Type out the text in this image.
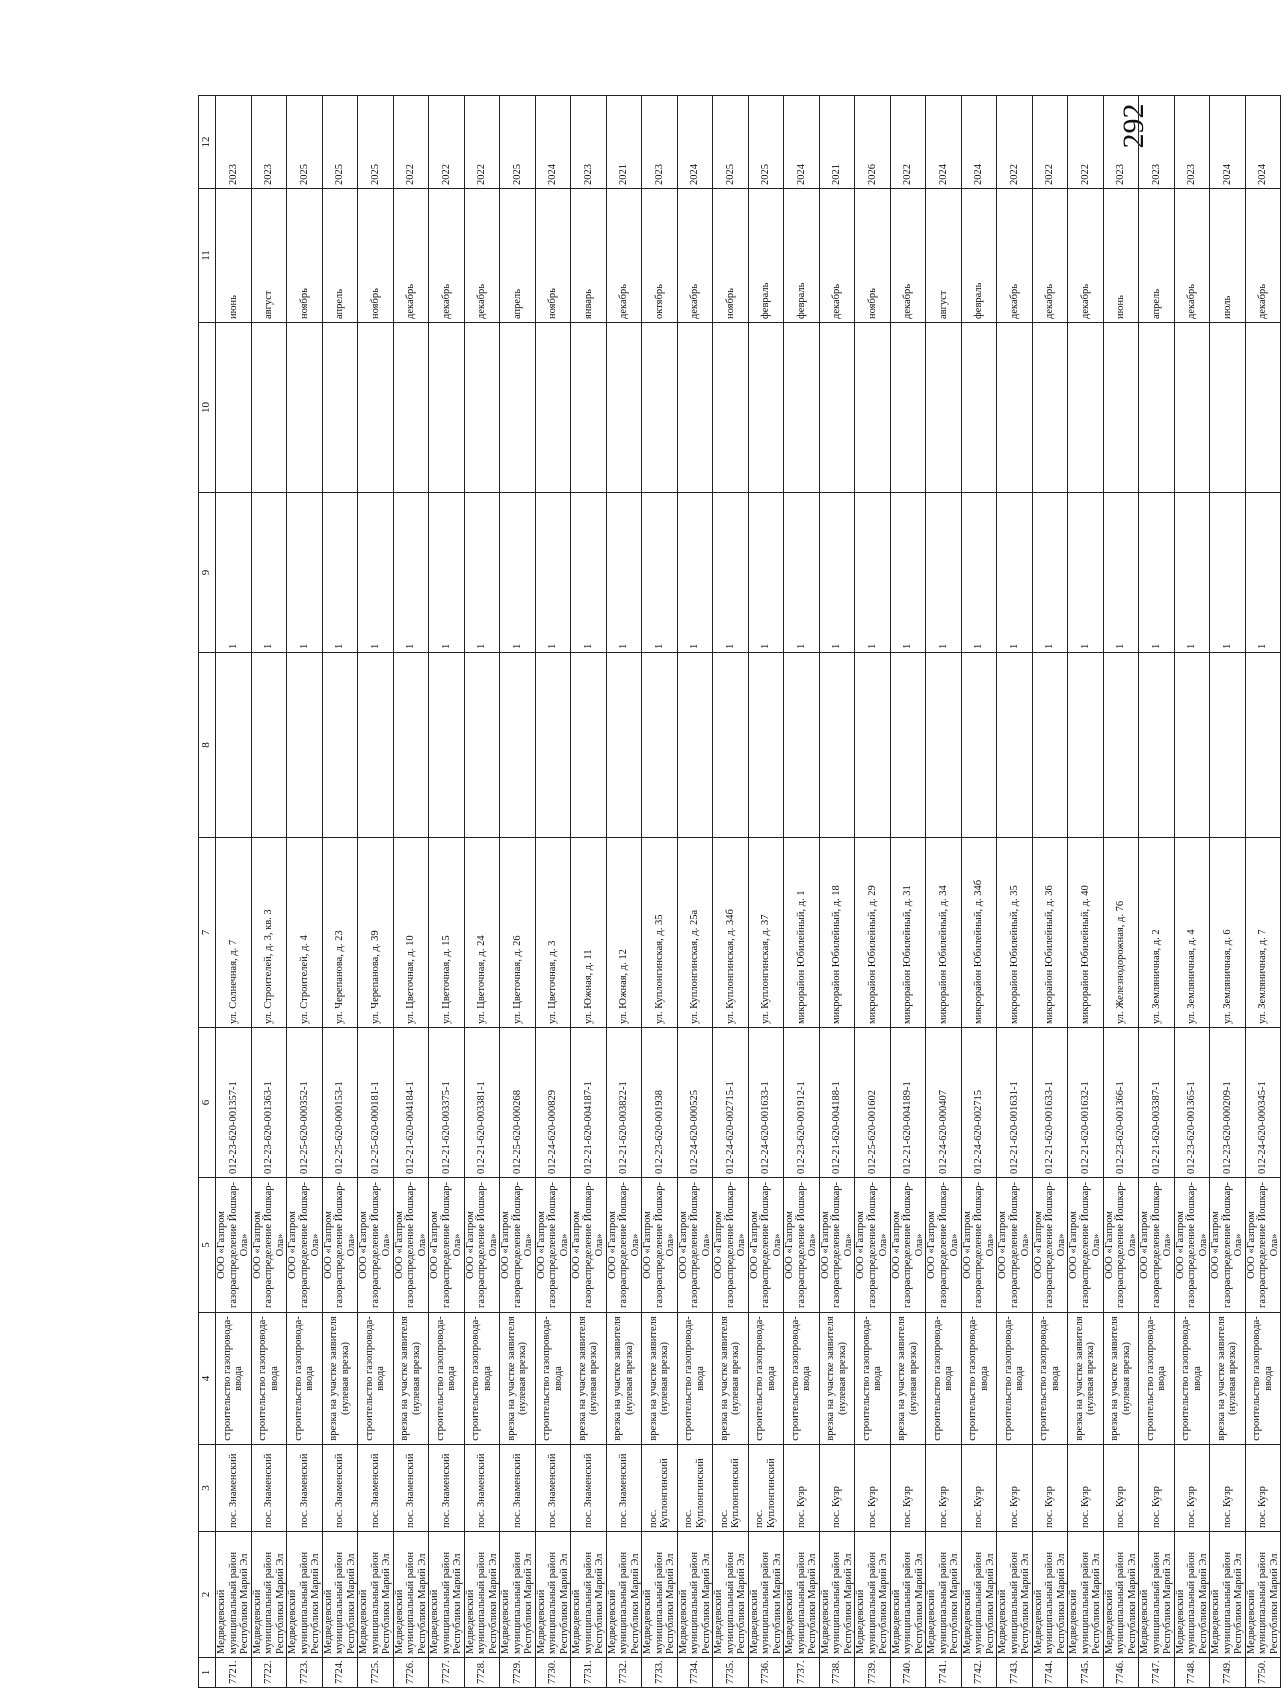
292
1	2	3	4	5	6	7	8	9	10	11	12
7721.	Медведевский муниципальный район Республики Марий Эл	пос. Знаменский	строительство газопровода-ввода	ООО «Газпром газораспределение Йошкар-Ола»	012-23-620-001357-1	ул. Солнечная, д. 7		1		июнь	2023
7722.	Медведевский муниципальный район Республики Марий Эл	пос. Знаменский	строительство газопровода-ввода	ООО «Газпром газораспределение Йошкар-Ола»	012-23-620-001363-1	ул. Строителей, д. 3, кв. 3		1		август	2023
7723.	Медведевский муниципальный район Республики Марий Эл	пос. Знаменский	строительство газопровода-ввода	ООО «Газпром газораспределение Йошкар-Ола»	012-25-620-000352-1	ул. Строителей, д. 4		1		ноябрь	2025
7724.	Медведевский муниципальный район Республики Марий Эл	пос. Знаменский	врезка на участке заявителя (нулевая врезка)	ООО «Газпром газораспределение Йошкар-Ола»	012-25-620-000153-1	ул. Черепанова, д. 23		1		апрель	2025
7725.	Медведевский муниципальный район Республики Марий Эл	пос. Знаменский	строительство газопровода-ввода	ООО «Газпром газораспределение Йошкар-Ола»	012-25-620-000181-1	ул. Черепанова, д. 39		1		ноябрь	2025
7726.	Медведевский муниципальный район Республики Марий Эл	пос. Знаменский	врезка на участке заявителя (нулевая врезка)	ООО «Газпром газораспределение Йошкар-Ола»	012-21-620-004184-1	ул. Цветочная, д. 10		1		декабрь	2022
7727.	Медведевский муниципальный район Республики Марий Эл	пос. Знаменский	строительство газопровода-ввода	ООО «Газпром газораспределение Йошкар-Ола»	012-21-620-003375-1	ул. Цветочная, д. 15		1		декабрь	2022
7728.	Медведевский муниципальный район Республики Марий Эл	пос. Знаменский	строительство газопровода-ввода	ООО «Газпром газораспределение Йошкар-Ола»	012-21-620-003381-1	ул. Цветочная, д. 24		1		декабрь	2022
7729.	Медведевский муниципальный район Республики Марий Эл	пос. Знаменский	врезка на участке заявителя (нулевая врезка)	ООО «Газпром газораспределение Йошкар-Ола»	012-25-620-000268	ул. Цветочная, д. 26		1		апрель	2025
7730.	Медведевский муниципальный район Республики Марий Эл	пос. Знаменский	строительство газопровода-ввода	ООО «Газпром газораспределение Йошкар-Ола»	012-24-620-000829	ул. Цветочная, д. 3		1		ноябрь	2024
7731.	Медведевский муниципальный район Республики Марий Эл	пос. Знаменский	врезка на участке заявителя (нулевая врезка)	ООО «Газпром газораспределение Йошкар-Ола»	012-21-620-004187-1	ул. Южная, д. 11		1		январь	2023
7732.	Медведевский муниципальный район Республики Марий Эл	пос. Знаменский	врезка на участке заявителя (нулевая врезка)	ООО «Газпром газораспределение Йошкар-Ола»	012-21-620-003822-1	ул. Южная, д. 12		1		декабрь	2021
7733.	Медведевский муниципальный район Республики Марий Эл	пос. Куплонгинский	врезка на участке заявителя (нулевая врезка)	ООО «Газпром газораспределение Йошкар-Ола»	012-23-620-001938	ул. Куплонгинская, д. 35		1		октябрь	2023
7734.	Медведевский муниципальный район Республики Марий Эл	пос. Куплонгинский	строительство газопровода-ввода	ООО «Газпром газораспределение Йошкар-Ола»	012-24-620-000525	ул. Куплонгинская, д. 25а		1		декабрь	2024
7735.	Медведевский муниципальный район Республики Марий Эл	пос. Куплонгинский	врезка на участке заявителя (нулевая врезка)	ООО «Газпром газораспределение Йошкар-Ола»	012-24-620-002715-1	ул. Куплонгинская, д. 34б		1		ноябрь	2025
7736.	Медведевский муниципальный район Республики Марий Эл	пос. Куплонгинский	строительство газопровода-ввода	ООО «Газпром газораспределение Йошкар-Ола»	012-24-620-001633-1	ул. Куплонгинская, д. 37		1		февраль	2025
7737.	Медведевский муниципальный район Республики Марий Эл	пос. Кузр	строительство газопровода-ввода	ООО «Газпром газораспределение Йошкар-Ола»	012-23-620-001912-1	микрорайон Юбилейный, д. 1		1		февраль	2024
7738.	Медведевский муниципальный район Республики Марий Эл	пос. Кузр	врезка на участке заявителя (нулевая врезка)	ООО «Газпром газораспределение Йошкар-Ола»	012-21-620-004188-1	микрорайон Юбилейный, д. 18		1		декабрь	2021
7739.	Медведевский муниципальный район Республики Марий Эл	пос. Кузр	строительство газопровода-ввода	ООО «Газпром газораспределение Йошкар-Ола»	012-25-620-001602	микрорайон Юбилейный, д. 29		1		ноябрь	2026
7740.	Медведевский муниципальный район Республики Марий Эл	пос. Кузр	врезка на участке заявителя (нулевая врезка)	ООО «Газпром газораспределение Йошкар-Ола»	012-21-620-004189-1	микрорайон Юбилейный, д. 31		1		декабрь	2022
7741.	Медведевский муниципальный район Республики Марий Эл	пос. Кузр	строительство газопровода-ввода	ООО «Газпром газораспределение Йошкар-Ола»	012-24-620-000407	микрорайон Юбилейный, д. 34		1		август	2024
7742.	Медведевский муниципальный район Республики Марий Эл	пос. Кузр	строительство газопровода-ввода	ООО «Газпром газораспределение Йошкар-Ола»	012-24-620-002715	микрорайон Юбилейный, д. 34б		1		февраль	2024
7743.	Медведевский муниципальный район Республики Марий Эл	пос. Кузр	строительство газопровода-ввода	ООО «Газпром газораспределение Йошкар-Ола»	012-21-620-001631-1	микрорайон Юбилейный, д. 35		1		декабрь	2022
7744.	Медведевский муниципальный район Республики Марий Эл	пос. Кузр	строительство газопровода-ввода	ООО «Газпром газораспределение Йошкар-Ола»	012-21-620-001633-1	микрорайон Юбилейный, д. 36		1		декабрь	2022
7745.	Медведевский муниципальный район Республики Марий Эл	пос. Кузр	врезка на участке заявителя (нулевая врезка)	ООО «Газпром газораспределение Йошкар-Ола»	012-21-620-001632-1	микрорайон Юбилейный, д. 40		1		декабрь	2022
7746.	Медведевский муниципальный район Республики Марий Эл	пос. Кузр	врезка на участке заявителя (нулевая врезка)	ООО «Газпром газораспределение Йошкар-Ола»	012-23-620-001366-1	ул. Железнодорожная, д. 76		1		июнь	2023
7747.	Медведевский муниципальный район Республики Марий Эл	пос. Кузр	строительство газопровода-ввода	ООО «Газпром газораспределение Йошкар-Ола»	012-21-620-003387-1	ул. Земляничная, д. 2		1		апрель	2023
7748.	Медведевский муниципальный район Республики Марий Эл	пос. Кузр	строительство газопровода-ввода	ООО «Газпром газораспределение Йошкар-Ола»	012-23-620-001365-1	ул. Земляничная, д. 4		1		декабрь	2023
7749.	Медведевский муниципальный район Республики Марий Эл	пос. Кузр	врезка на участке заявителя (нулевая врезка)	ООО «Газпром газораспределение Йошкар-Ола»	012-23-620-000209-1	ул. Земляничная, д. 6		1		июль	2024
7750.	Медведевский муниципальный район Республики Марий Эл	пос. Кузр	строительство газопровода-ввода	ООО «Газпром газораспределение Йошкар-Ола»	012-24-620-000345-1	ул. Земляничная, д. 7		1		декабрь	2024
